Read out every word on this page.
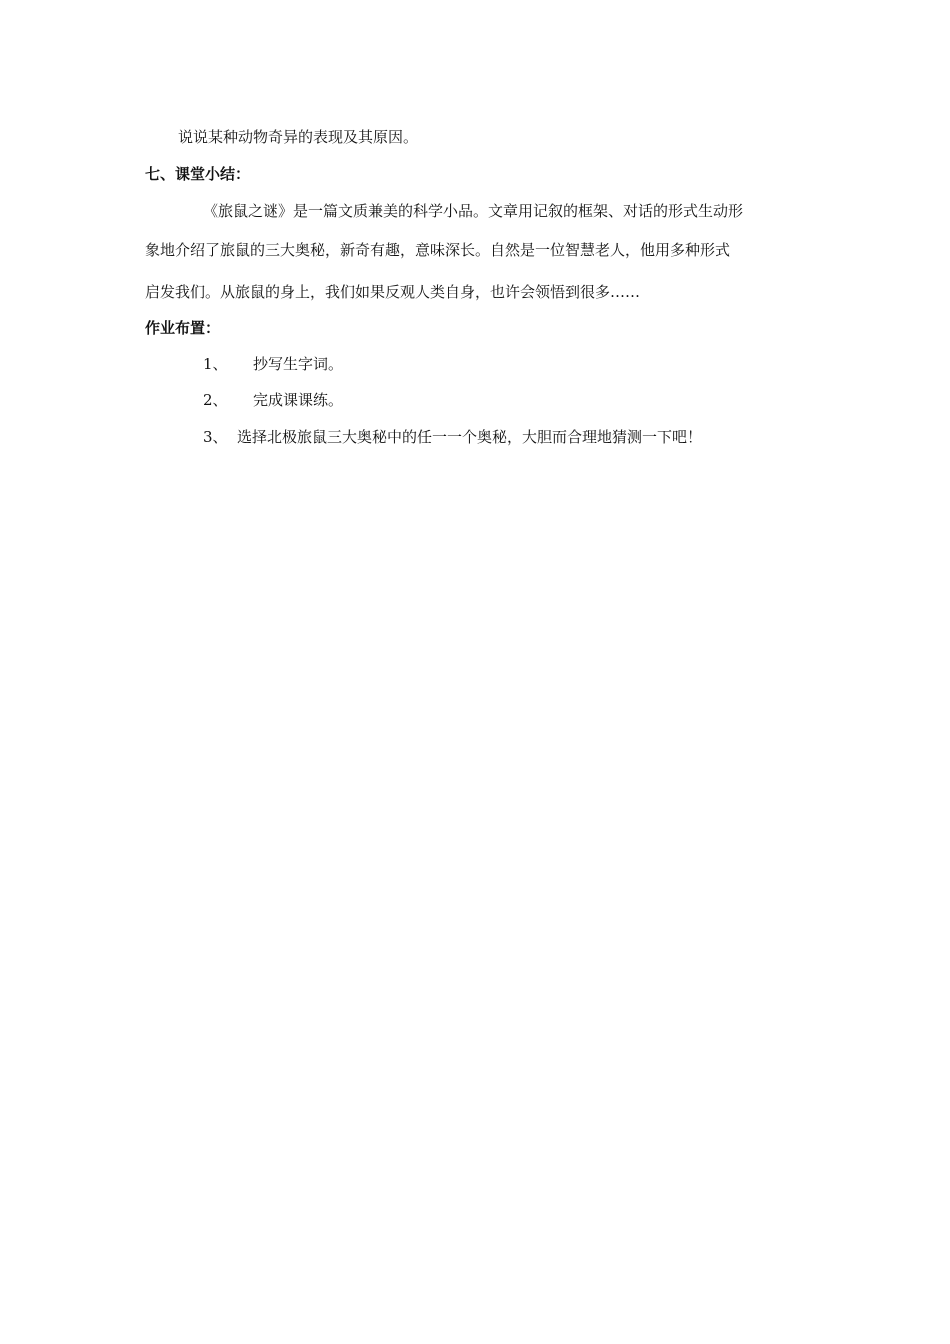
说说某种动物奇异的表现及其原因。
七、课堂小结：
《旅鼠之谜》是一篇文质兼美的科学小品。文章用记叙的框架、对话的形式生动形
象地介绍了旅鼠的三大奥秘，新奇有趣，意味深长。自然是一位智慧老人，他用多种形式
启发我们。从旅鼠的身上，我们如果反观人类自身，也许会领悟到很多……
作业布置：
1、 抄写生字词。
2、 完成课课练。
3、 选择北极旅鼠三大奥秘中的任一一个奥秘，大胆而合理地猜测一下吧！
